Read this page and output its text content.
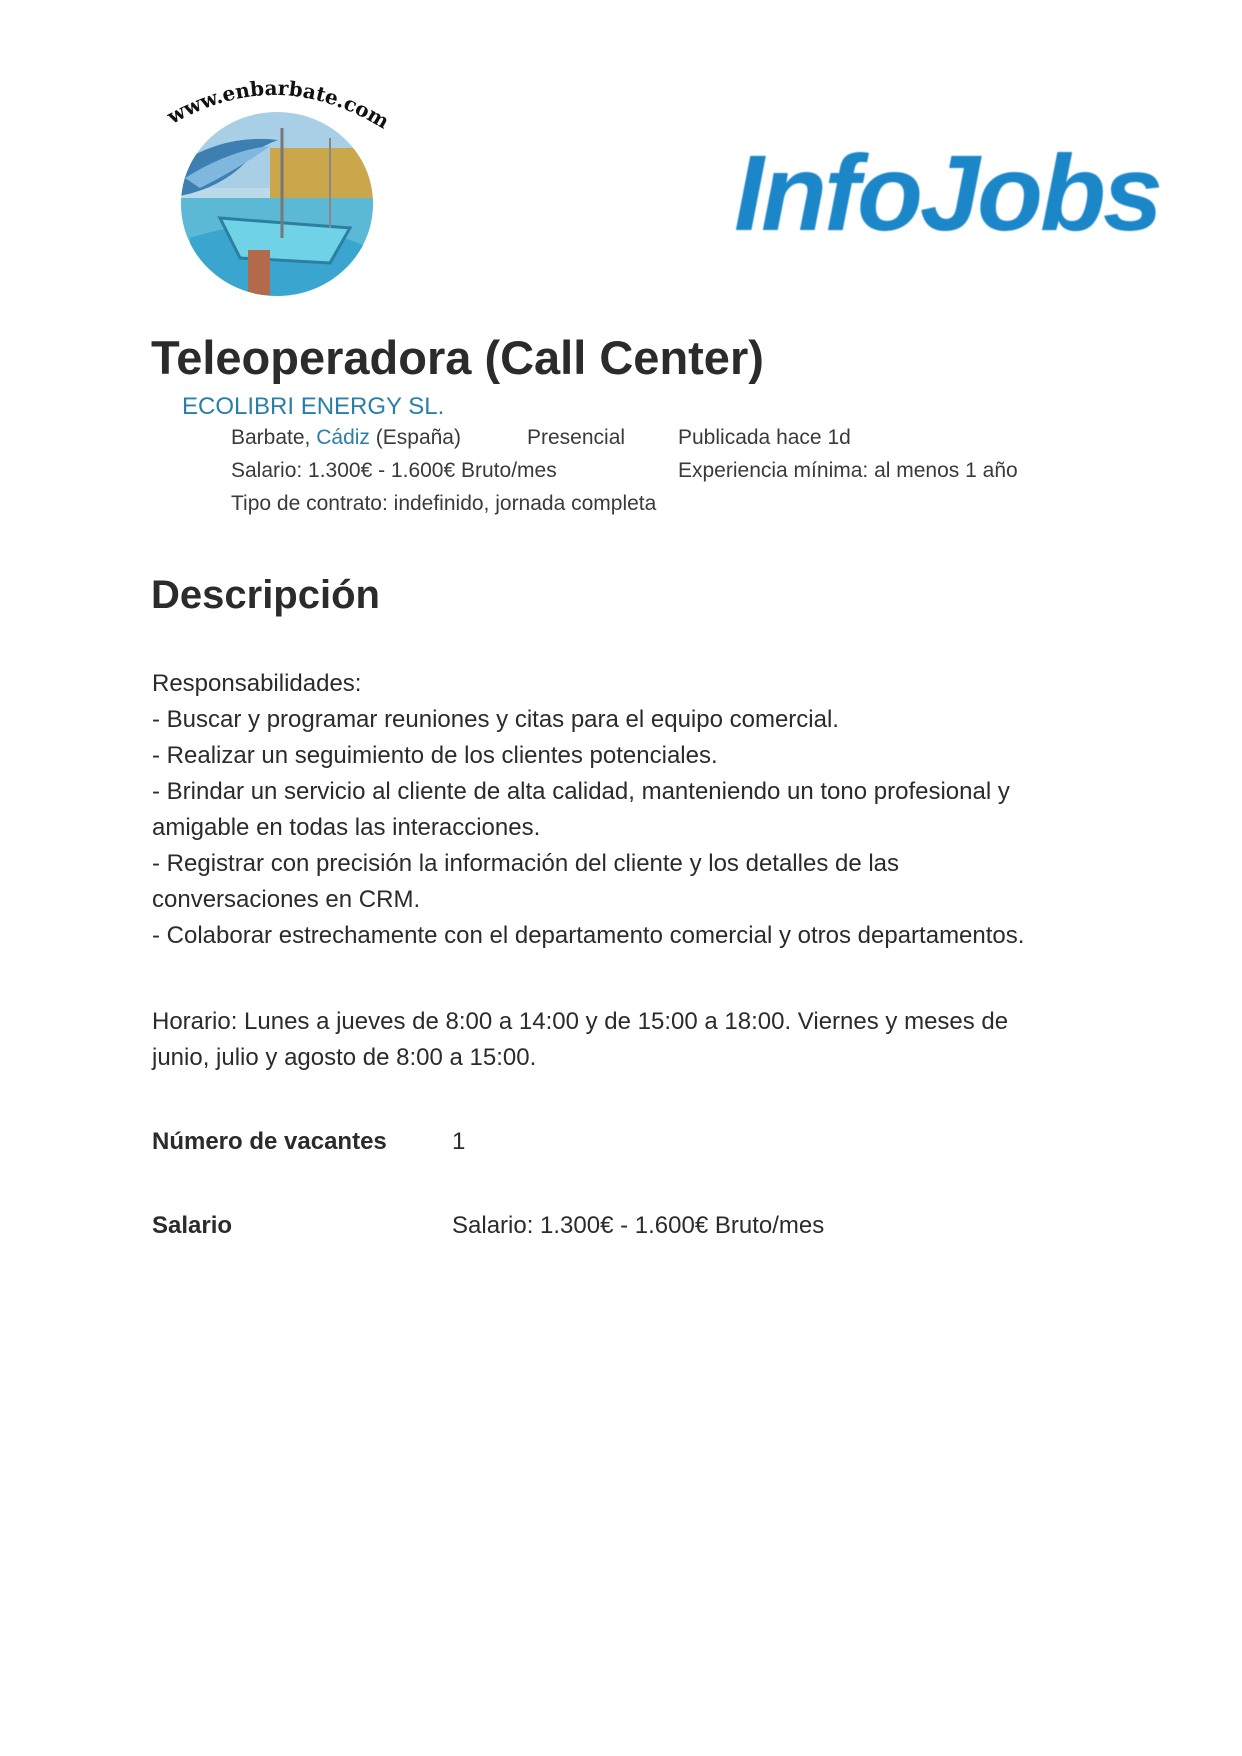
www.enbarbate.com
InfoJobs
Teleoperadora (Call Center)
ECOLIBRI ENERGY SL.
Barbate, Cádiz (España)	Presencial	Publicada hace 1d
Salario: 1.300€ - 1.600€ Bruto/mes	Experiencia mínima: al menos 1 año
Tipo de contrato: indefinido, jornada completa
Descripción
Responsabilidades:
- Buscar y programar reuniones y citas para el equipo comercial.
- Realizar un seguimiento de los clientes potenciales.
- Brindar un servicio al cliente de alta calidad, manteniendo un tono profesional y
amigable en todas las interacciones.
- Registrar con precisión la información del cliente y los detalles de las
conversaciones en CRM.
- Colaborar estrechamente con el departamento comercial y otros departamentos.
Horario: Lunes a jueves de 8:00 a 14:00 y de 15:00 a 18:00. Viernes y meses de
junio, julio y agosto de 8:00 a 15:00.
Número de vacantes	1
Salario	Salario: 1.300€ - 1.600€ Bruto/mes
